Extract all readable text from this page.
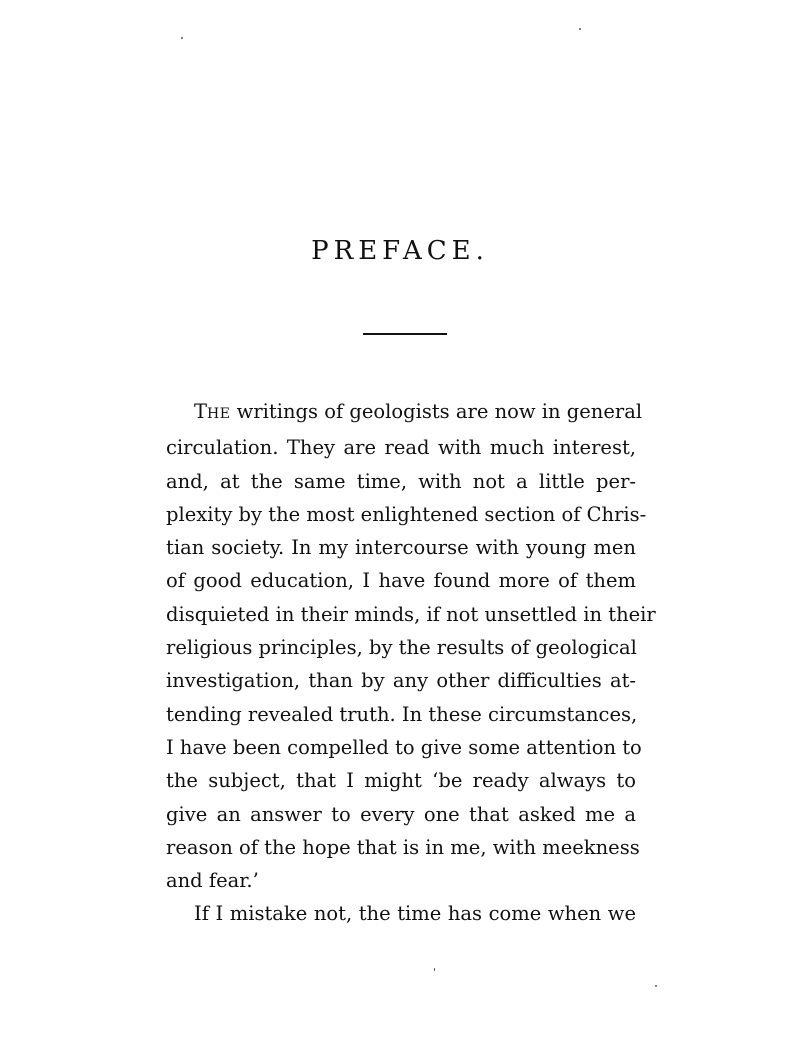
PREFACE.
THE writings of geologists are now in general
circulation. They are read with much interest,
and, at the same time, with not a little per-
plexity by the most enlightened section of Chris-
tian society. In my intercourse with young men
of good education, I have found more of them
disquieted in their minds, if not unsettled in their
religious principles, by the results of geological
investigation, than by any other difficulties at-
tending revealed truth. In these circumstances,
I have been compelled to give some attention to
the subject, that I might ‘be ready always to
give an answer to every one that asked me a
reason of the hope that is in me, with meekness
and fear.’
If I mistake not, the time has come when we
